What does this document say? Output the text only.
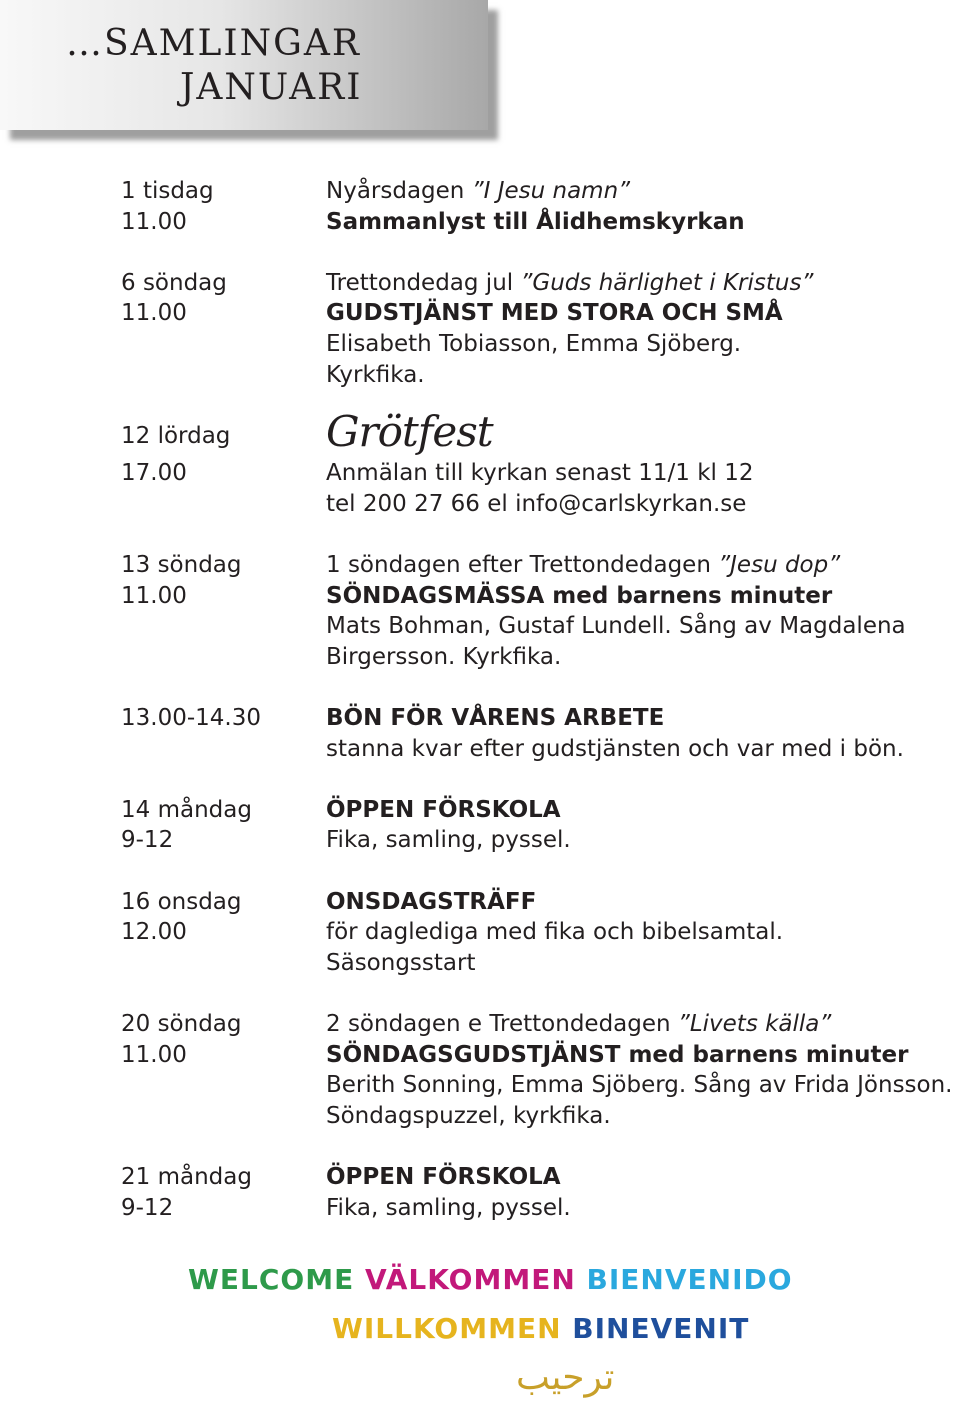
…SAMLINGAR
JANUARI
1 tisdag	Nyårsdagen ”I Jesu namn”
11.00	Sammanlyst till Ålidhemskyrkan
6 söndag	Trettondedag jul ”Guds härlighet i Kristus”
11.00	GUDSTJÄNST MED STORA OCH SMÅ
Elisabeth Tobiasson, Emma Sjöberg.
Kyrkfika.
12 lördag	Grötfest
17.00	Anmälan till kyrkan senast 11/1 kl 12
tel 200 27 66 el info@carlskyrkan.se
13 söndag	1 söndagen efter Trettondedagen ”Jesu dop”
11.00	SÖNDAGSMÄSSA med barnens minuter
Mats Bohman, Gustaf Lundell. Sång av Magdalena
Birgersson. Kyrkfika.
13.00-14.30	BÖN FÖR VÅRENS ARBETE
stanna kvar efter gudstjänsten och var med i bön.
14 måndag	ÖPPEN FÖRSKOLA
9-12	Fika, samling, pyssel.
16 onsdag	ONSDAGSTRÄFF
12.00	för daglediga med fika och bibelsamtal.
Säsongsstart
20 söndag	2 söndagen e Trettondedagen ”Livets källa”
11.00	SÖNDAGSGUDSTJÄNST med barnens minuter
Berith Sonning, Emma Sjöberg. Sång av Frida Jönsson.
Söndagspuzzel, kyrkfika.
21 måndag	ÖPPEN FÖRSKOLA
9-12	Fika, samling, pyssel.
WELCOME VÄLKOMMEN BIENVENIDO
WILLKOMMEN BINEVENIT
ترحيب
